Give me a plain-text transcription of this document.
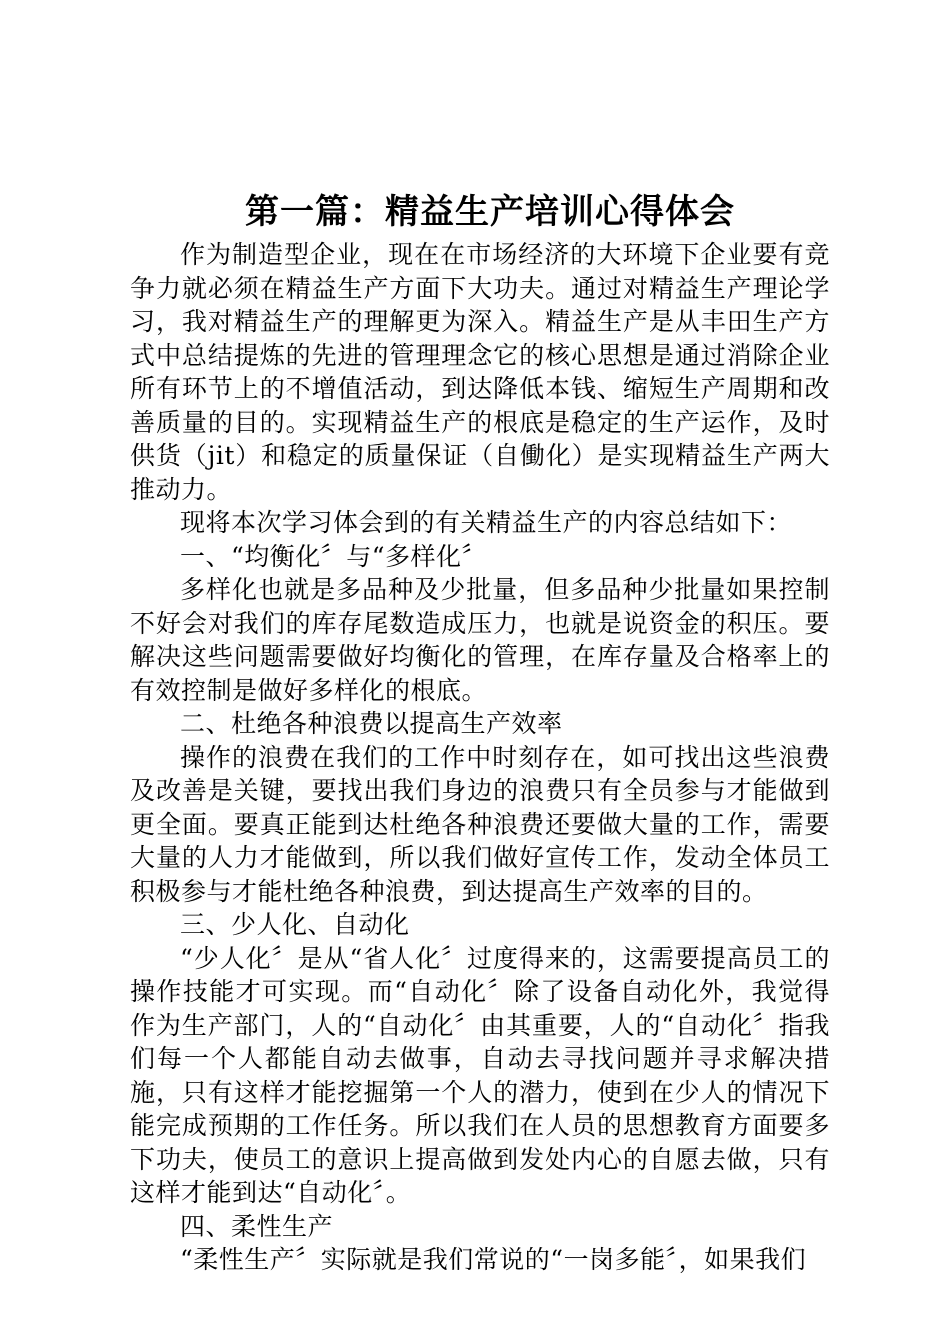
第一篇：精益生产培训心得体会

作为制造型企业，现在在市场经济的大环境下企业要有竞争力就必须在精益生产方面下大功夫。通过对精益生产理论学习，我对精益生产的理解更为深入。精益生产是从丰田生产方式中总结提炼的先进的管理理念它的核心思想是通过消除企业所有环节上的不增值活动，到达降低本钱、缩短生产周期和改善质量的目的。实现精益生产的根底是稳定的生产运作，及时供货（jit）和稳定的质量保证（自働化）是实现精益生产两大推动力。

现将本次学习体会到的有关精益生产的内容总结如下：

一、“均衡化〞与“多样化〞

多样化也就是多品种及少批量，但多品种少批量如果控制不好会对我们的库存尾数造成压力，也就是说资金的积压。要解决这些问题需要做好均衡化的管理，在库存量及合格率上的有效控制是做好多样化的根底。

二、杜绝各种浪费以提高生产效率

操作的浪费在我们的工作中时刻存在，如可找出这些浪费及改善是关键，要找出我们身边的浪费只有全员参与才能做到更全面。要真正能到达杜绝各种浪费还要做大量的工作，需要大量的人力才能做到，所以我们做好宣传工作，发动全体员工积极参与才能杜绝各种浪费，到达提高生产效率的目的。

三、少人化、自动化

“少人化〞是从“省人化〞过度得来的，这需要提高员工的操作技能才可实现。而“自动化〞除了设备自动化外，我觉得作为生产部门，人的“自动化〞由其重要，人的“自动化〞指我们每一个人都能自动去做事，自动去寻找问题并寻求解决措施，只有这样才能挖掘第一个人的潜力，使到在少人的情况下能完成预期的工作任务。所以我们在人员的思想教育方面要多下功夫，使员工的意识上提高做到发处内心的自愿去做，只有这样才能到达“自动化〞。

四、柔性生产

“柔性生产〞实际就是我们常说的“一岗多能〞，如果我们
